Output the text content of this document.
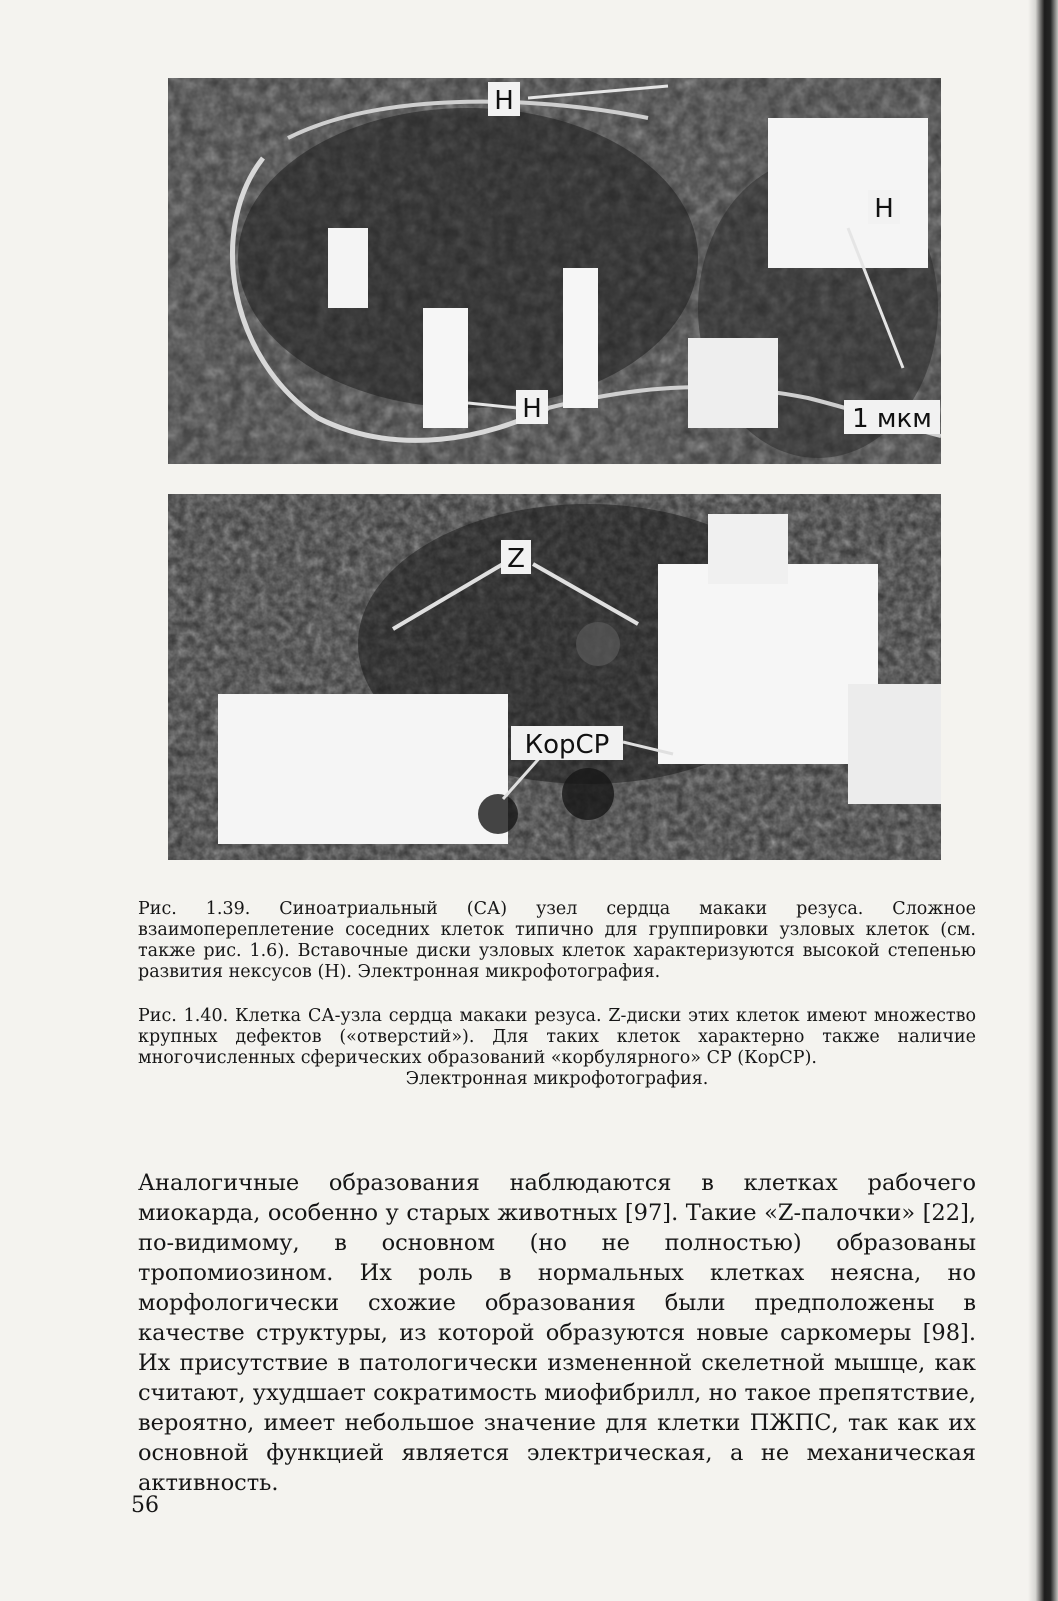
Н
Н
Н	1 мкм
Z
КорСР

Рис. 1.39. Синоатриальный (СА) узел сердца макаки резуса. Сложное взаимопереплетение соседних клеток типично для группировки узловых клеток (см. также рис. 1.6). Вставочные диски узловых клеток характеризуются высокой степенью развития нексусов (Н). Электронная микрофотография.

Рис. 1.40. Клетка СА-узла сердца макаки резуса. Z-диски этих клеток имеют множество крупных дефектов («отверстий»). Для таких клеток характерно также наличие многочисленных сферических образований «корбулярного» СР (КорСР).
Электронная микрофотография.

Аналогичные образования наблюдаются в клетках рабочего миокарда, особенно у старых животных [97]. Такие «Z-палочки» [22], по-видимому, в основном (но не полностью) образованы тропомиозином. Их роль в нормальных клетках неясна, но морфологически схожие образования были предположены в качестве структуры, из которой образуются новые саркомеры [98]. Их присутствие в патологически измененной скелетной мышце, как считают, ухудшает сократимость миофибрилл, но такое препятствие, вероятно, имеет небольшое значение для клетки ПЖПС, так как их основной функцией является электрическая, а не механическая активность.

56
